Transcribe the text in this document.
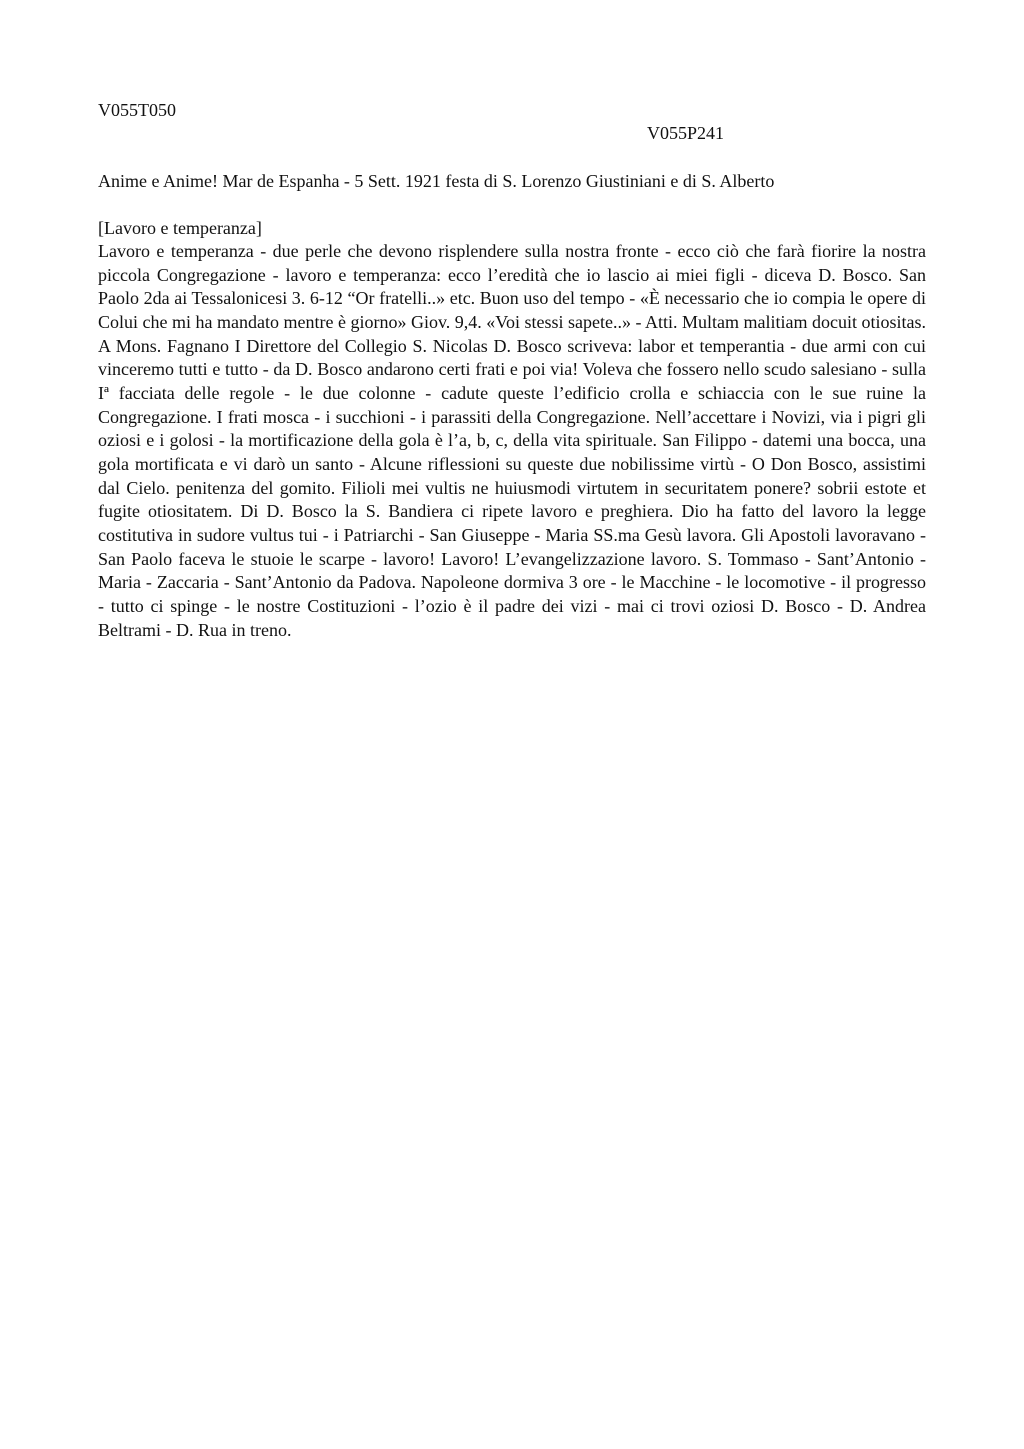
V055T050
V055P241
Anime e Anime! Mar de Espanha - 5 Sett. 1921 festa di S. Lorenzo Giustiniani e di S. Alberto
[Lavoro e temperanza]

Lavoro e temperanza - due perle che devono risplendere sulla nostra fronte - ecco ciò che farà fiorire la nostra piccola Congregazione - lavoro e temperanza: ecco l’eredità che io lascio ai miei figli - diceva D. Bosco. San Paolo 2da ai Tessalonicesi 3. 6-12 “Or fratelli..» etc. Buon uso del tempo - «È necessario che io compia le opere di Colui che mi ha mandato mentre è giorno» Giov. 9,4. «Voi stessi sapete..» - Atti. Multam malitiam docuit otiositas. A Mons. Fagnano I Direttore del Collegio S. Nicolas D. Bosco scriveva: labor et temperantia - due armi con cui vinceremo tutti e tutto - da D. Bosco andarono certi frati e poi via! Voleva che fossero nello scudo salesiano - sulla Iª facciata delle regole - le due colonne - cadute queste l’edificio crolla e schiaccia con le sue ruine la Congregazione. I frati mosca - i succhioni - i parassiti della Congregazione. Nell’accettare i Novizi, via i pigri gli oziosi e i golosi - la mortificazione della gola è l’a, b, c, della vita spirituale. San Filippo - datemi una bocca, una gola mortificata e vi darò un santo - Alcune riflessioni su queste due nobilissime virtù - O Don Bosco, assistimi dal Cielo. penitenza del gomito. Filioli mei vultis ne huiusmodi virtutem in securitatem ponere? sobrii estote et fugite otiositatem. Di D. Bosco la S. Bandiera ci ripete lavoro e preghiera. Dio ha fatto del lavoro la legge costitutiva in sudore vultus tui - i Patriarchi - San Giuseppe - Maria SS.ma Gesù lavora. Gli Apostoli lavoravano - San Paolo faceva le stuoie le scarpe - lavoro! Lavoro! L’evangelizzazione lavoro. S. Tommaso - Sant’Antonio - Maria - Zaccaria - Sant’Antonio da Padova. Napoleone dormiva 3 ore - le Macchine - le locomotive - il progresso - tutto ci spinge - le nostre Costituzioni - l’ozio è il padre dei vizi - mai ci trovi oziosi D. Bosco - D. Andrea Beltrami - D. Rua in treno.
